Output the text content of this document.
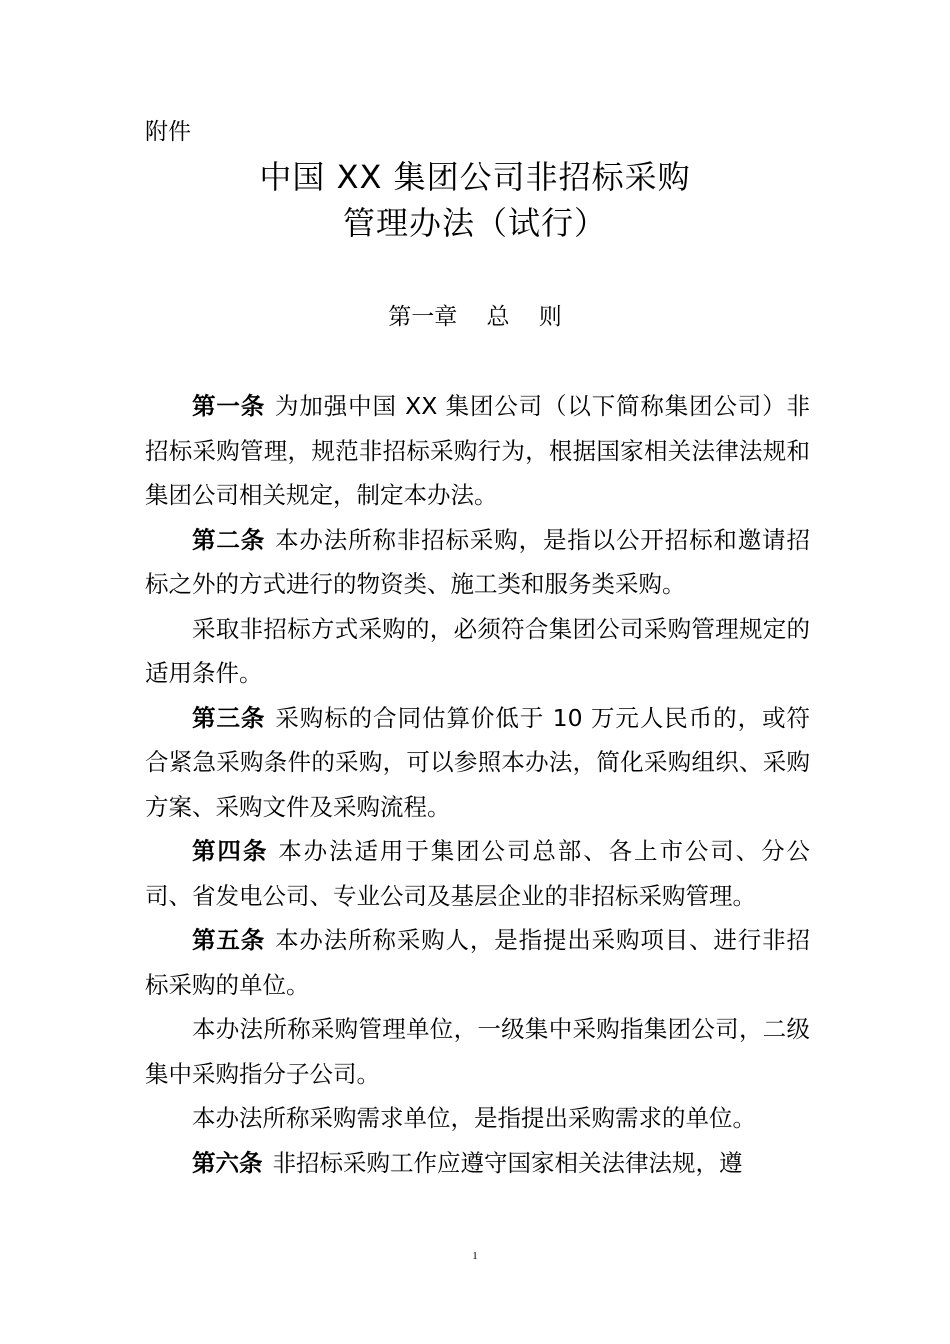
附件
中国 XX 集团公司非招标采购
管理办法（试行）
第一章    总    则

第一条 为加强中国 XX 集团公司（以下简称集团公司）非招标采购管理，规范非招标采购行为，根据国家相关法律法规和集团公司相关规定，制定本办法。

第二条 本办法所称非招标采购，是指以公开招标和邀请招标之外的方式进行的物资类、施工类和服务类采购。

采取非招标方式采购的，必须符合集团公司采购管理规定的适用条件。

第三条 采购标的合同估算价低于 10 万元人民币的，或符合紧急采购条件的采购，可以参照本办法，简化采购组织、采购方案、采购文件及采购流程。

第四条 本办法适用于集团公司总部、各上市公司、分公司、省发电公司、专业公司及基层企业的非招标采购管理。

第五条 本办法所称采购人，是指提出采购项目、进行非招标采购的单位。

本办法所称采购管理单位，一级集中采购指集团公司，二级集中采购指分子公司。

本办法所称采购需求单位，是指提出采购需求的单位。

第六条 非招标采购工作应遵守国家相关法律法规，遵

1
